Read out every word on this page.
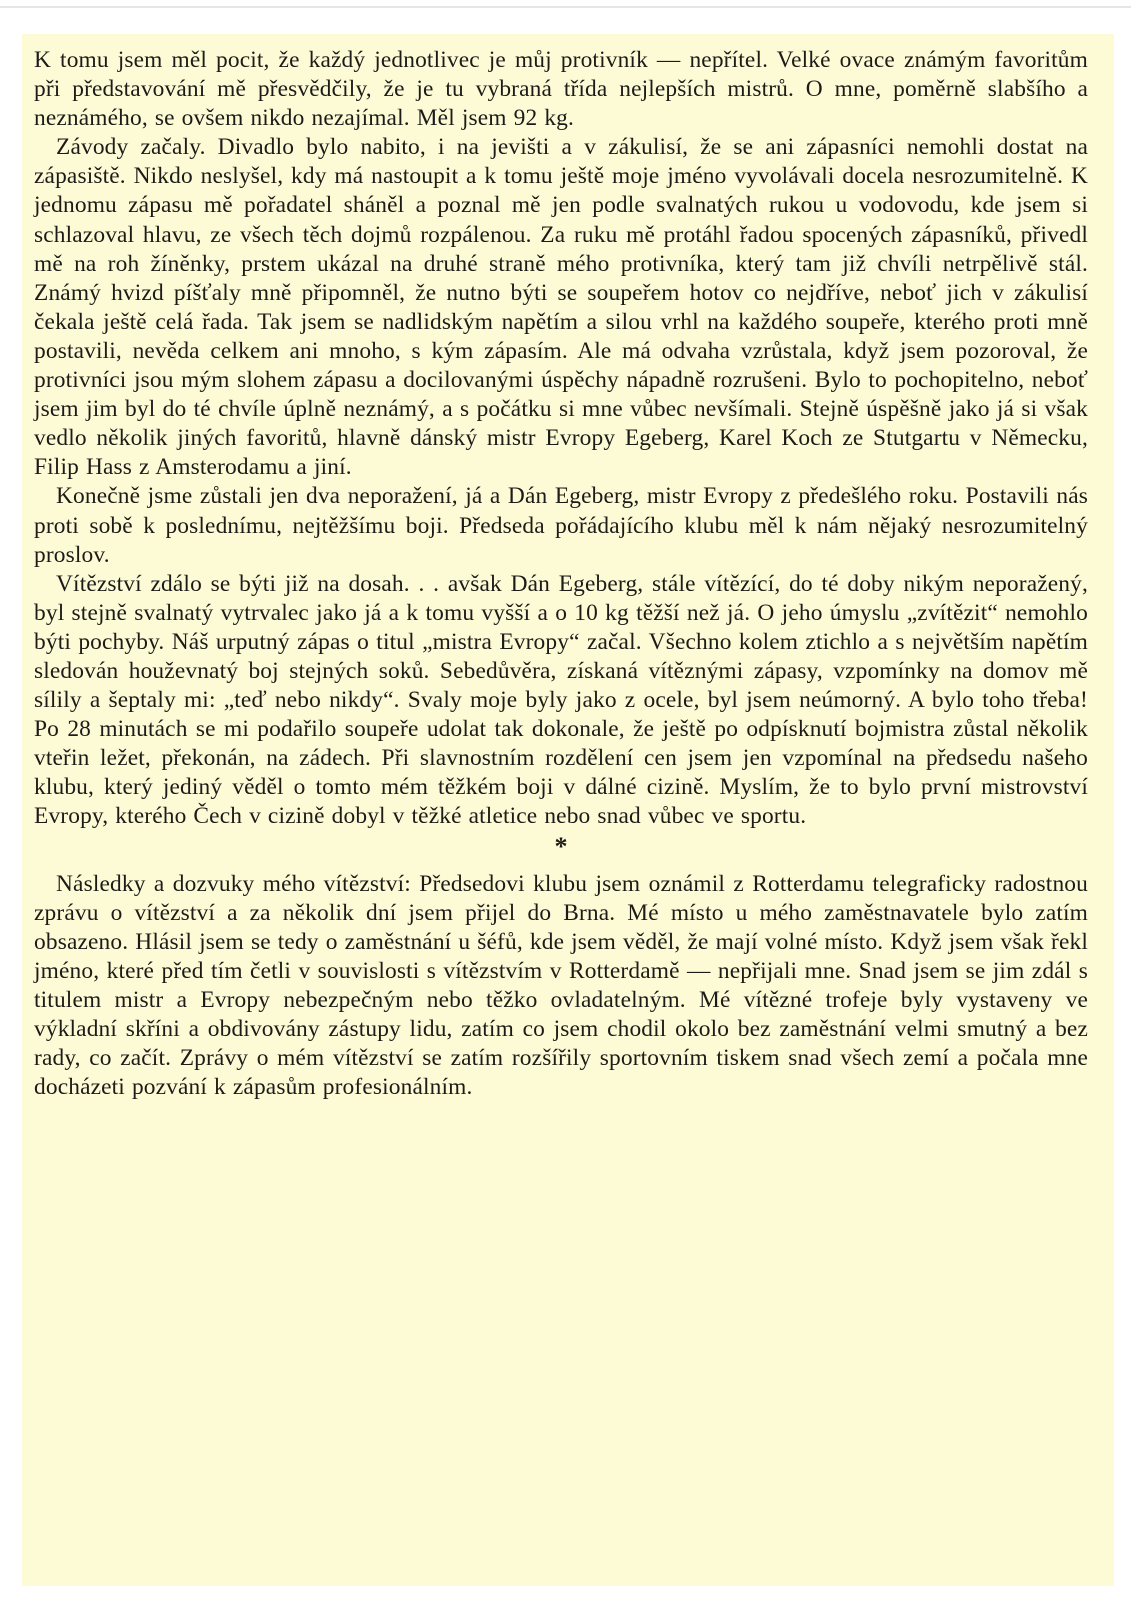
K tomu jsem měl pocit, že každý jednotlivec je můj protivník — nepřítel. Velké ovace známým favoritům při představování mě přesvědčily, že je tu vybraná třída nejlepších mistrů. O mne, poměrně slabšího a neznámého, se ovšem nikdo nezajímal. Měl jsem 92 kg.

Závody začaly. Divadlo bylo nabito, i na jevišti a v zákulisí, že se ani zápasníci nemohli dostat na zápasiště. Nikdo neslyšel, kdy má nastoupit a k tomu ještě moje jméno vyvolávali docela nesrozumitelně. K jednomu zápasu mě pořadatel sháněl a poznal mě jen podle svalnatých rukou u vodovodu, kde jsem si schlazoval hlavu, ze všech těch dojmů rozpálenou. Za ruku mě protáhl řadou spocených zápasníků, přivedl mě na roh žíněnky, prstem ukázal na druhé straně mého protivníka, který tam již chvíli netrpělivě stál. Známý hvizd píšťaly mně připomněl, že nutno býti se soupeřem hotov co nejdříve, neboť jich v zákulisí čekala ještě celá řada. Tak jsem se nadlidským napětím a silou vrhl na každého soupeře, kterého proti mně postavili, nevěda celkem ani mnoho, s kým zápasím. Ale má odvaha vzrůstala, když jsem pozoroval, že protivníci jsou mým slohem zápasu a docilovanými úspěchy nápadně rozrušeni. Bylo to pochopitelno, neboť jsem jim byl do té chvíle úplně neznámý, a s počátku si mne vůbec nevšímali. Stejně úspěšně jako já si však vedlo několik jiných favoritů, hlavně dánský mistr Evropy Egeberg, Karel Koch ze Stutgartu v Německu, Filip Hass z Amsterodamu a jiní.

Konečně jsme zůstali jen dva neporažení, já a Dán Egeberg, mistr Evropy z předešlého roku. Postavili nás proti sobě k poslednímu, nejtěžšímu boji. Předseda pořádajícího klubu měl k nám nějaký nesrozumitelný proslov.

Vítězství zdálo se býti již na dosah. . . avšak Dán Egeberg, stále vítězící, do té doby nikým neporažený, byl stejně svalnatý vytrvalec jako já a k tomu vyšší a o 10 kg těžší než já. O jeho úmyslu „zvítězit“ nemohlo býti pochyby. Náš urputný zápas o titul „mistra Evropy“ začal. Všechno kolem ztichlo a s největším napětím sledován houževnatý boj stejných soků. Sebedůvěra, získaná vítěznými zápasy, vzpomínky na domov mě sílily a šeptaly mi: „teď nebo nikdy“. Svaly moje byly jako z ocele, byl jsem neúmorný. A bylo toho třeba! Po 28 minutách se mi podařilo soupeře udolat tak dokonale, že ještě po odpísknutí bojmistra zůstal několik vteřin ležet, překonán, na zádech. Při slavnostním rozdělení cen jsem jen vzpomínal na předsedu našeho klubu, který jediný věděl o tomto mém těžkém boji v dálné cizině. Myslím, že to bylo první mistrovství Evropy, kterého Čech v cizině dobyl v těžké atletice nebo snad vůbec ve sportu.

*

Následky a dozvuky mého vítězství: Předsedovi klubu jsem oznámil z Rotterdamu telegraficky radostnou zprávu o vítězství a za několik dní jsem přijel do Brna. Mé místo u mého zaměstnavatele bylo zatím obsazeno. Hlásil jsem se tedy o zaměstnání u šéfů, kde jsem věděl, že mají volné místo. Když jsem však řekl jméno, které před tím četli v souvislosti s vítězstvím v Rotterdamě — nepřijali mne. Snad jsem se jim zdál s titulem mistr a Evropy nebezpečným nebo těžko ovladatelným. Mé vítězné trofeje byly vystaveny ve výkladní skříni a obdivovány zástupy lidu, zatím co jsem chodil okolo bez zaměstnání velmi smutný a bez rady, co začít. Zprávy o mém vítězství se zatím rozšířily sportovním tiskem snad všech zemí a počala mne docházeti pozvání k zápasům profesionálním.
